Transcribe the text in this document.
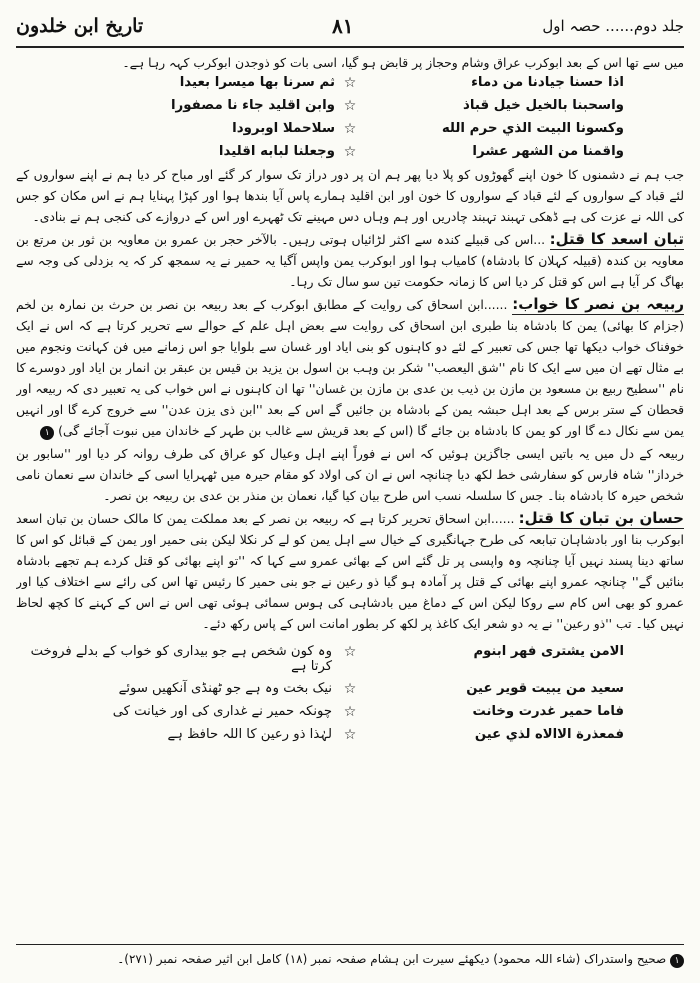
تاریخ ابن خلدون	۸۱	جلد دوم...... حصہ اول

میں سے تھا اس کے بعد ابوکرب عراق وشام وحجاز پر قابض ہو گیا، اسی بات کو ذوجدن ابوکرب کہہ رہا ہے۔

اذا حسنا جيادنا من دماء
☆
ثم سرنا بها ميسرا بعيدا
واسحبنا بالخيل خيل قباذ
☆
وابن اقليد جاء نا مصفورا
وكسونا البيت الذي حرم الله
☆
سلاحملا اوبرودا
واقمنا من الشهر عشرا
☆
وجعلنا لبابه اقليدا

جب ہم نے دشمنوں کا خون اپنے گھوڑوں کو پلا دیا پھر ہم ان پر دور دراز تک سوار کر گئے اور مباح کر دیا ہم نے اپنے سواروں کے لئے قباد کے سواروں کے لئے قباد کے سواروں کا خون اور ابن اقلید ہمارے پاس آیا بندھا ہوا اور کپڑا پہنایا ہم نے اس مکان کو جس کی اللہ نے عزت کی ہے ڈھکی تہبند تہبند چادریں اور ہم وہاں دس مہینے تک ٹھہرے اور اس کے دروازے کی کنجی ہم نے بنادی۔

تبان اسعد کا قتل: ...اس کی قبیلے کندہ سے اکثر لڑائیاں ہوتی رہیں۔ بالآخر حجر بن عمرو بن معاویہ بن ثور بن مرتع بن معاویہ بن کندہ (قبیلہ کہلان کا بادشاہ) کامیاب ہوا اور ابوکرب یمن واپس آگیا یہ حمیر نے یہ سمجھ کر کہ یہ بزدلی کی وجہ سے بھاگ کر آیا ہے اس کو قتل کر دیا اس کا زمانہ حکومت تین سو سال تک رہا۔

ربیعہ بن نصر کا خواب: ......ابن اسحاق کی روایت کے مطابق ابوکرب کے بعد ربیعہ بن نصر بن حرث بن نمارہ بن لخم (جزام کا بھائی) یمن کا بادشاہ بنا طبری ابن اسحاق کی روایت سے بعض اہل علم کے حوالے سے تحریر کرتا ہے کہ اس نے ایک خوفناک خواب دیکھا تھا جس کی تعبیر کے لئے دو کاہنوں کو بنی ایاد اور غسان سے بلوایا جو اس زمانے میں فن کہانت ونجوم میں بے مثال تھے ان میں سے ایک کا نام ''شق الیعصب'' شکر بن وہب بن اسول بن یزید بن قیس بن عبقر بن انمار بن ایاد اور دوسرے کا نام ''سطیح ربیع بن مسعود بن مازن بن ذیب بن عدی بن مازن بن غسان'' تھا ان کاہنوں نے اس خواب کی یہ تعبیر دی کہ ربیعہ اور قحطان کے ستر برس کے بعد اہل حبشہ یمن کے بادشاہ بن جائیں گے اس کے بعد ''ابن ذی یزن عدن'' سے خروج کرے گا اور انہیں یمن سے نکال دے گا اور کو یمن کا بادشاہ بن جائے گا (اس کے بعد قریش سے غالب بن طہر کے خاندان میں نبوت آجائے گی) ۱

ربیعہ کے دل میں یہ باتیں ایسی جاگزین ہوئیں کہ اس نے فوراً اپنے اہل وعیال کو عراق کی طرف روانہ کر دیا اور ''سابور بن خرداز'' شاہ فارس کو سفارشی خط لکھ دیا چنانچہ اس نے ان کی اولاد کو مقام حیرہ میں ٹھہرایا اسی کے خاندان سے نعمان نامی شخص حیرہ کا بادشاہ بنا۔ جس کا سلسلہ نسب اس طرح بیان کیا گیا، نعمان بن منذر بن عدی بن ربیعہ بن نصر۔

حسان بن تبان کا قتل: ......ابن اسحاق تحریر کرتا ہے کہ ربیعہ بن نصر کے بعد مملکت یمن کا مالک حسان بن تبان اسعد ابوکرب بنا اور بادشاہان تبابعہ کی طرح جہانگیری کے خیال سے اہل یمن کو لے کر نکلا لیکن بنی حمیر اور یمن کے قبائل کو اس کا ساتھ دینا پسند نہیں آیا چنانچہ وہ واپسی پر تل گئے اس کے بھائی عمرو سے کہا کہ ''تو اپنے بھائی کو قتل کردے ہم تجھے بادشاہ بنائیں گے'' چنانچہ عمرو اپنے بھائی کے قتل پر آمادہ ہو گیا ذو رعین نے جو بنی حمیر کا رئیس تھا اس کی رائے سے اختلاف کیا اور عمرو کو بھی اس کام سے روکا لیکن اس کے دماغ میں بادشاہی کی ہوس سمائی ہوئی تھی اس نے اس کے کہنے کا کچھ لحاظ نہیں کیا۔ تب ''ذو رعین'' نے یہ دو شعر ایک کاغذ پر لکھ کر بطور امانت اس کے پاس رکھ دئے۔

الامن يشترى فهر ابنوم
☆
وہ کون شخص ہے جو بیداری کو خواب کے بدلے فروخت کرتا ہے
سعيد من يبيت قوير عين
☆
نیک بخت وہ ہے جو ٹھنڈی آنکھیں سوئے
فاما حمير غدرت وخانت
☆
چونکہ حمیر نے غداری کی اور خیانت کی
فمعذرة الاالاه لذي عين
☆
لہٰذا ذو رعین کا اللہ حافظ ہے
۱ صحیح واستدراک (شاء اللہ محمود) دیکھئے سیرت ابن ہشام صفحہ نمبر (۱۸) کامل ابن اثیر صفحہ نمبر (۲۷۱)۔
